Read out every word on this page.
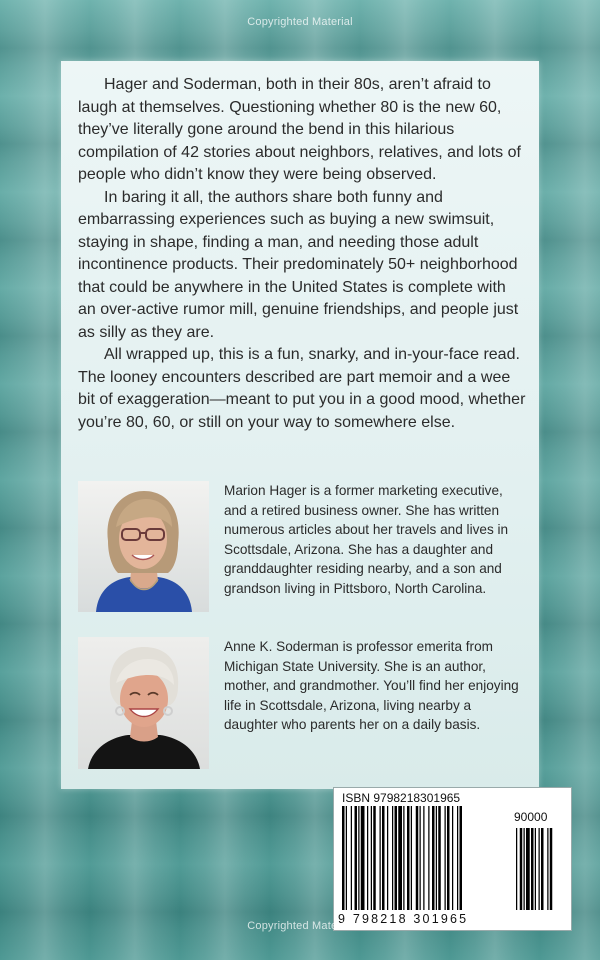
Copyrighted Material

Hager and Soderman, both in their 80s, aren’t afraid to laugh at themselves. Questioning whether 80 is the new 60, they’ve literally gone around the bend in this hilarious compilation of 42 stories about neighbors, relatives, and lots of people who didn’t know they were being observed.

In baring it all, the authors share both funny and embarrassing experiences such as buying a new swimsuit, staying in shape, finding a man, and needing those adult incontinence products. Their predominately 50+ neighborhood that could be anywhere in the United States is complete with an over-active rumor mill, genuine friendships, and people just as silly as they are.

All wrapped up, this is a fun, snarky, and in-your-face read. The looney encounters described are part memoir and a wee bit of exaggeration—meant to put you in a good mood, whether you’re 80, 60, or still on your way to somewhere else.

Marion Hager is a former marketing executive, and a retired business owner. She has written numerous articles about her travels and lives in Scottsdale, Arizona. She has a daughter and granddaughter residing nearby, and a son and grandson living in Pittsboro, North Carolina.

Anne K. Soderman is professor emerita from Michigan State University. She is an author, mother, and grandmother. You’ll find her enjoying life in Scottsdale, Arizona, living nearby a daughter who parents her on a daily basis.

ISBN 9798218301965
90000
9 798218 301965
Copyrighted Material
